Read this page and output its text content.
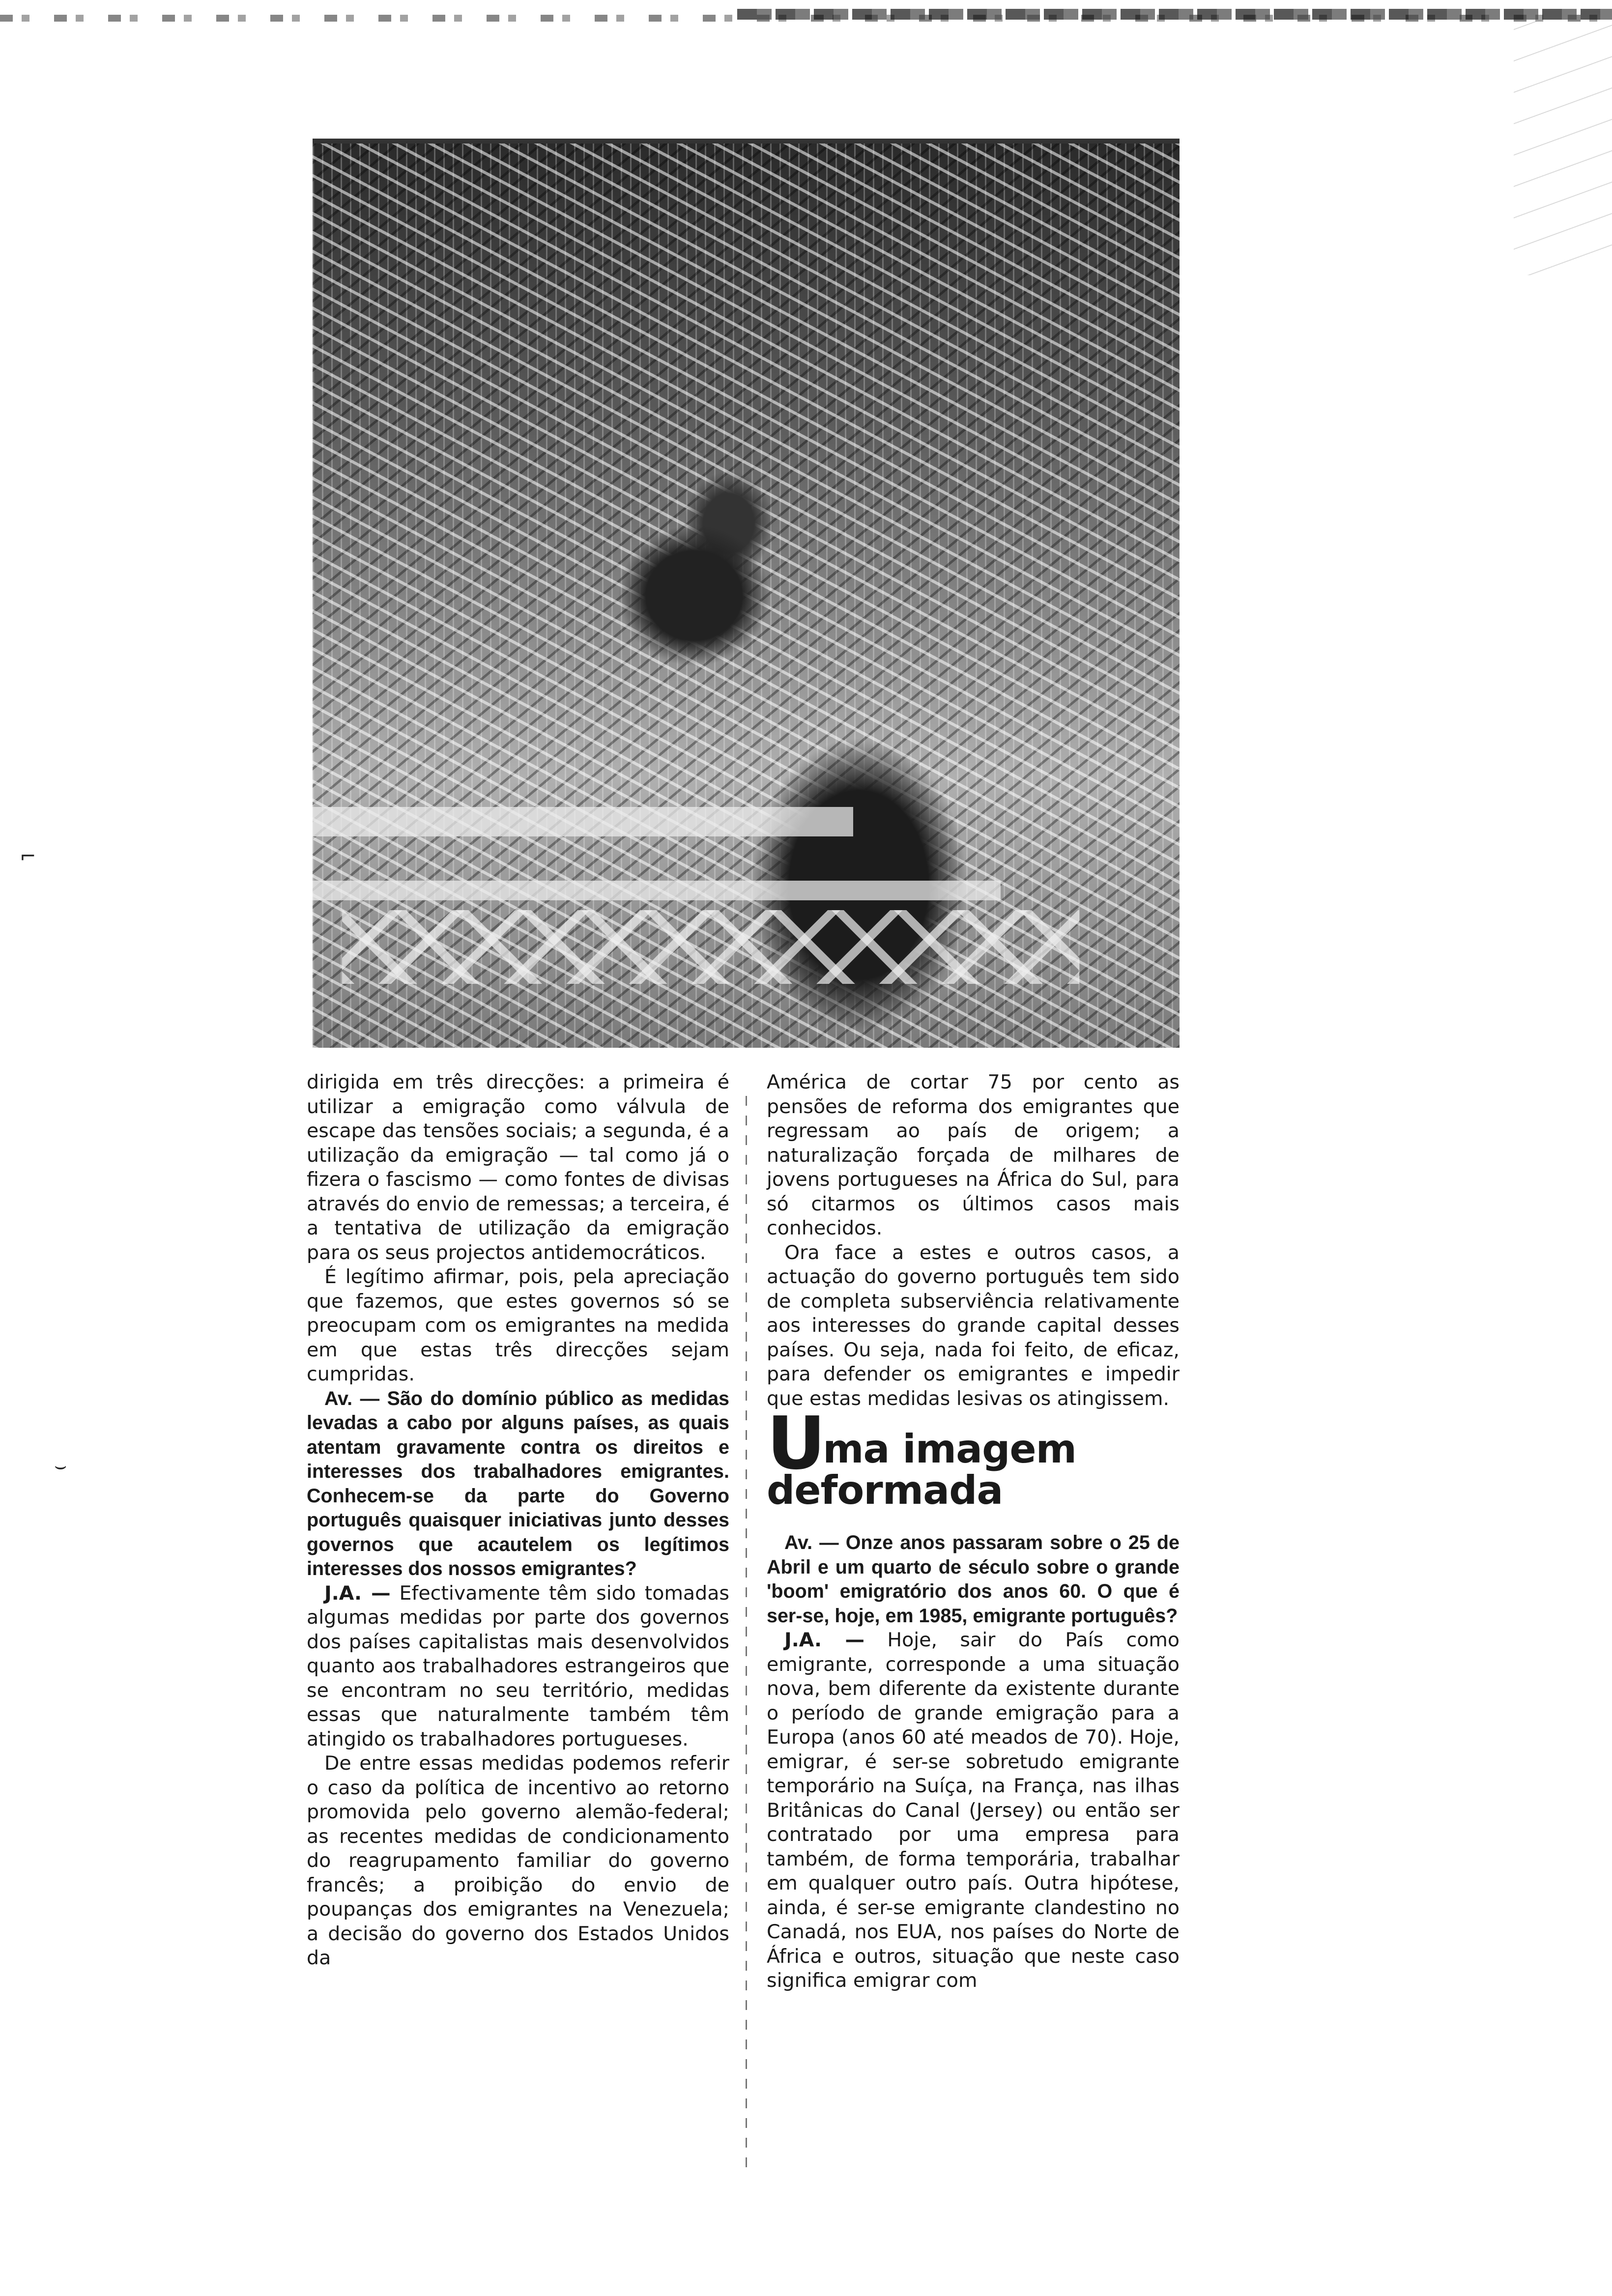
⌐
⌣

dirigida em três direcções: a primeira é utilizar a emigração como válvula de escape das tensões sociais; a segunda, é a utilização da emigração — tal como já o fizera o fascismo — como fontes de divisas através do envio de remessas; a terceira, é a tentativa de utilização da emigração para os seus projectos antidemocráticos.

É legítimo afirmar, pois, pela apreciação que fazemos, que estes governos só se preocupam com os emigrantes na medida em que estas três direcções sejam cumpridas.

Av. — São do domínio público as medidas levadas a cabo por alguns países, as quais atentam gravamente contra os direitos e interesses dos trabalhadores emigrantes. Conhecem-se da parte do Governo português quaisquer iniciativas junto desses governos que acautelem os legítimos interesses dos nossos emigrantes?

J.A. — Efectivamente têm sido tomadas algumas medidas por parte dos governos dos países capitalistas mais desenvolvidos quanto aos trabalhadores estrangeiros que se encontram no seu território, medidas essas que naturalmente também têm atingido os trabalhadores portugueses.

De entre essas medidas podemos referir o caso da política de incentivo ao retorno promovida pelo governo alemão-federal; as recentes medidas de condicionamento do reagrupamento familiar do governo francês; a proibição do envio de poupanças dos emigrantes na Venezuela; a decisão do governo dos Estados Unidos da

América de cortar 75 por cento as pensões de reforma dos emigrantes que regressam ao país de origem; a naturalização forçada de milhares de jovens portugueses na África do Sul, para só citarmos os últimos casos mais conhecidos.

Ora face a estes e outros casos, a actuação do governo português tem sido de completa subserviência relativamente aos interesses do grande capital desses países. Ou seja, nada foi feito, de eficaz, para defender os emigrantes e impedir que estas medidas lesivas os atingissem.

Uma imagem
deformada

Av. — Onze anos passaram sobre o 25 de Abril e um quarto de século sobre o grande 'boom' emigratório dos anos 60. O que é ser-se, hoje, em 1985, emigrante português?

J.A. — Hoje, sair do País como emigrante, corresponde a uma situação nova, bem diferente da existente durante o período de grande emigração para a Europa (anos 60 até meados de 70). Hoje, emigrar, é ser-se sobretudo emigrante temporário na Suíça, na França, nas ilhas Britânicas do Canal (Jersey) ou então ser contratado por uma empresa para também, de forma temporária, trabalhar em qualquer outro país. Outra hipótese, ainda, é ser-se emigrante clandestino no Canadá, nos EUA, nos países do Norte de África e outros, situação que neste caso significa emigrar com
